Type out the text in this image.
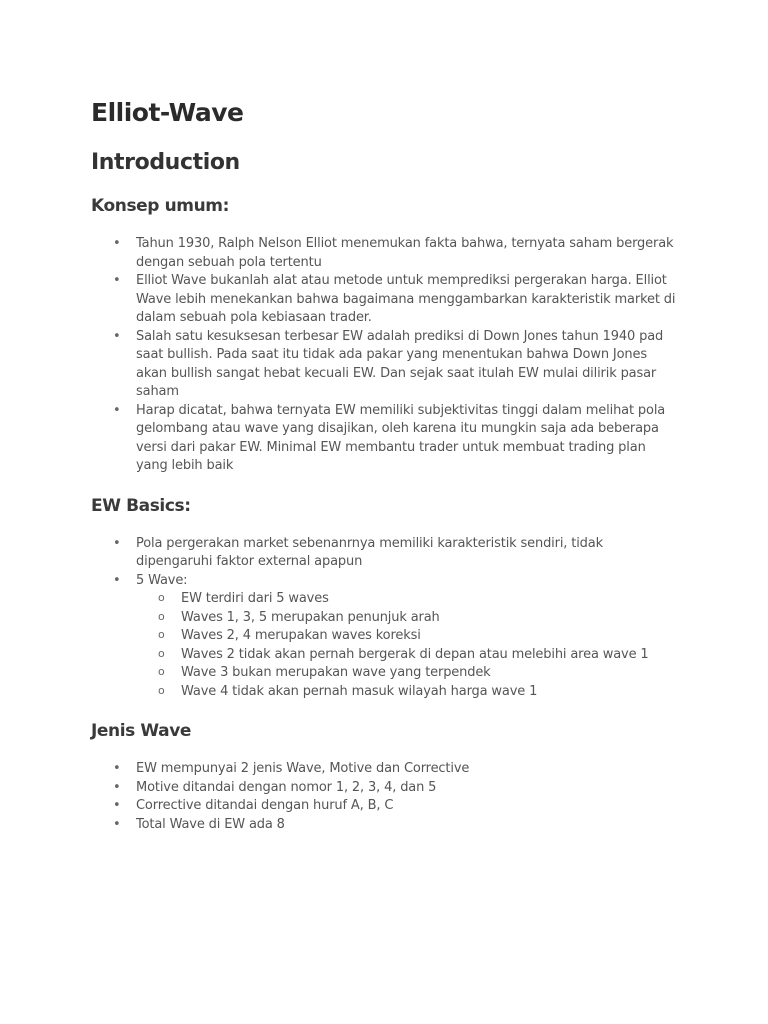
Elliot-Wave
Introduction
Konsep umum:
• Tahun 1930, Ralph Nelson Elliot menemukan fakta bahwa, ternyata saham bergerak dengan sebuah pola tertentu
• Elliot Wave bukanlah alat atau metode untuk memprediksi pergerakan harga. Elliot Wave lebih menekankan bahwa bagaimana menggambarkan karakteristik market di dalam sebuah pola kebiasaan trader.
• Salah satu kesuksesan terbesar EW adalah prediksi di Down Jones tahun 1940 pad saat bullish. Pada saat itu tidak ada pakar yang menentukan bahwa Down Jones akan bullish sangat hebat kecuali EW. Dan sejak saat itulah EW mulai dilirik pasar saham
• Harap dicatat, bahwa ternyata EW memiliki subjektivitas tinggi dalam melihat pola gelombang atau wave yang disajikan, oleh karena itu mungkin saja ada beberapa versi dari pakar EW. Minimal EW membantu trader untuk membuat trading plan yang lebih baik
EW Basics:
• Pola pergerakan market sebenanrnya memiliki karakteristik sendiri, tidak dipengaruhi faktor external apapun
• 5 Wave:
o EW terdiri dari 5 waves
o Waves 1, 3, 5 merupakan penunjuk arah
o Waves 2, 4 merupakan waves koreksi
o Waves 2 tidak akan pernah bergerak di depan atau melebihi area wave 1
o Wave 3 bukan merupakan wave yang terpendek
o Wave 4 tidak akan pernah masuk wilayah harga wave 1
Jenis Wave
• EW mempunyai 2 jenis Wave, Motive dan Corrective
• Motive ditandai dengan nomor 1, 2, 3, 4, dan 5
• Corrective ditandai dengan huruf A, B, C
• Total Wave di EW ada 8
